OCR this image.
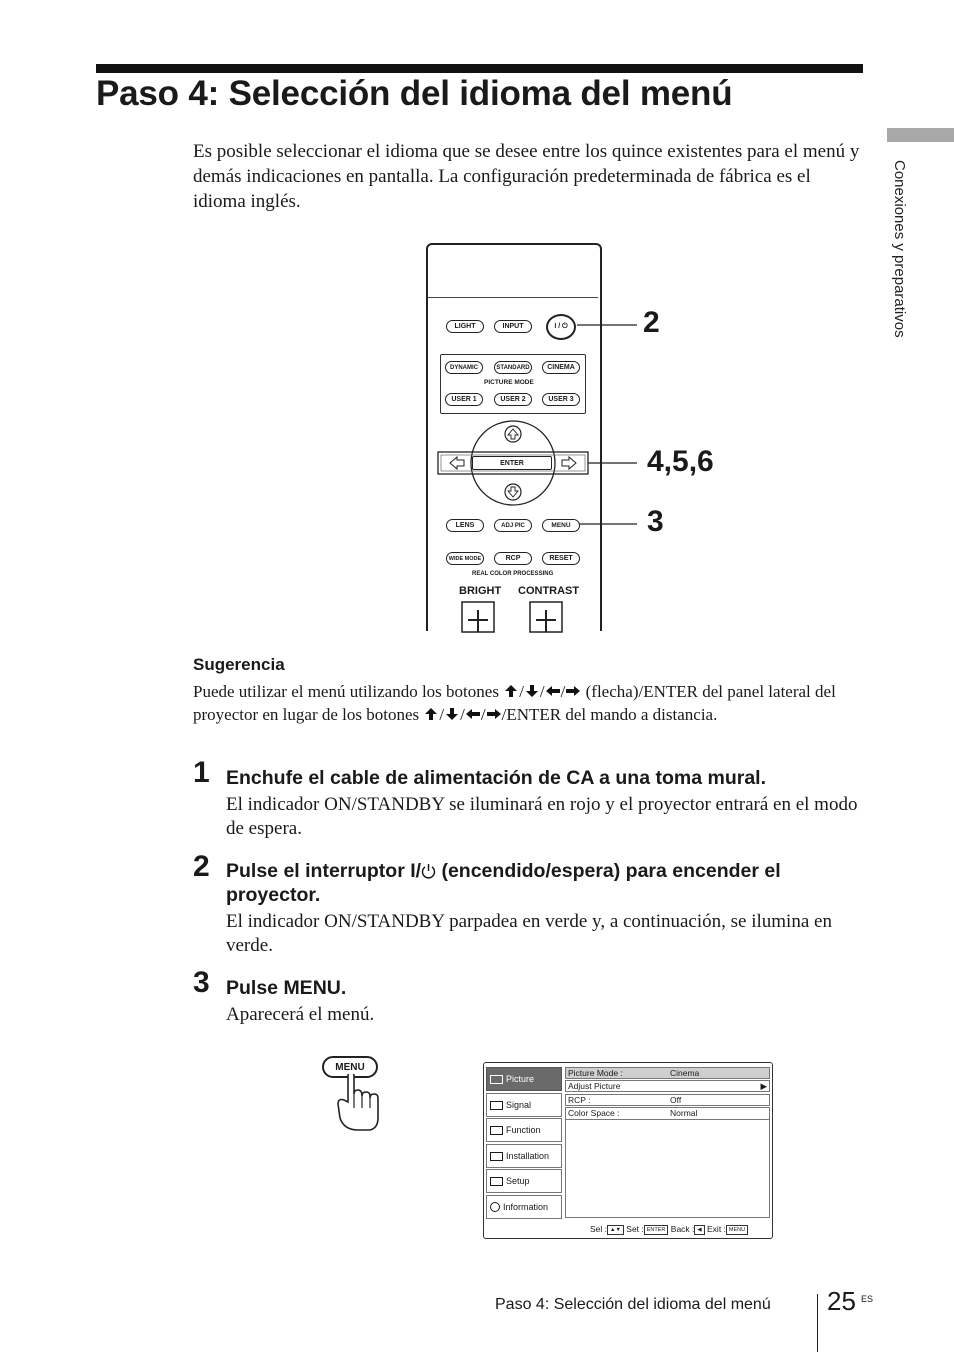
Paso 4: Selección del idioma del menú
Es posible seleccionar el idioma que se desee entre los quince existentes para el menú y demás indicaciones en pantalla. La configuración predeterminada de fábrica es el idioma inglés.	Conexiones y preparativos
LIGHT	INPUT	I / ⏻
DYNAMIC	STANDARD	CINEMA
PICTURE MODE
USER 1	USER 2	USER 3
ENTER
LENS	ADJ PIC	MENU
WIDE MODE	RCP	RESET
REAL COLOR PROCESSING
BRIGHT CONTRAST
2
4,5,6
3
Sugerencia
Puede utilizar el menú utilizando los botones / / / (flecha)/ENTER del panel lateral del proyector en lugar de los botones / / / /ENTER del mando a distancia.
1 Enchufe el cable de alimentación de CA a una toma mural.
El indicador ON/STANDBY se iluminará en rojo y el proyector entrará en el modo de espera.
2 Pulse el interruptor I/ (encendido/espera) para encender el proyector.
El indicador ON/STANDBY parpadea en verde y, a continuación, se ilumina en verde.
3 Pulse MENU.
Aparecerá el menú.
MENU
Picture
Signal
Function
Installation
Setup
Information
Picture Mode :	Cinema
Adjust Picture	▶
RCP :	Off
Color Space :	Normal
Sel : ▲▼ Set : ENTER Back : ◀ Exit : MENU
Paso 4: Selección del idioma del menú 25 ES
